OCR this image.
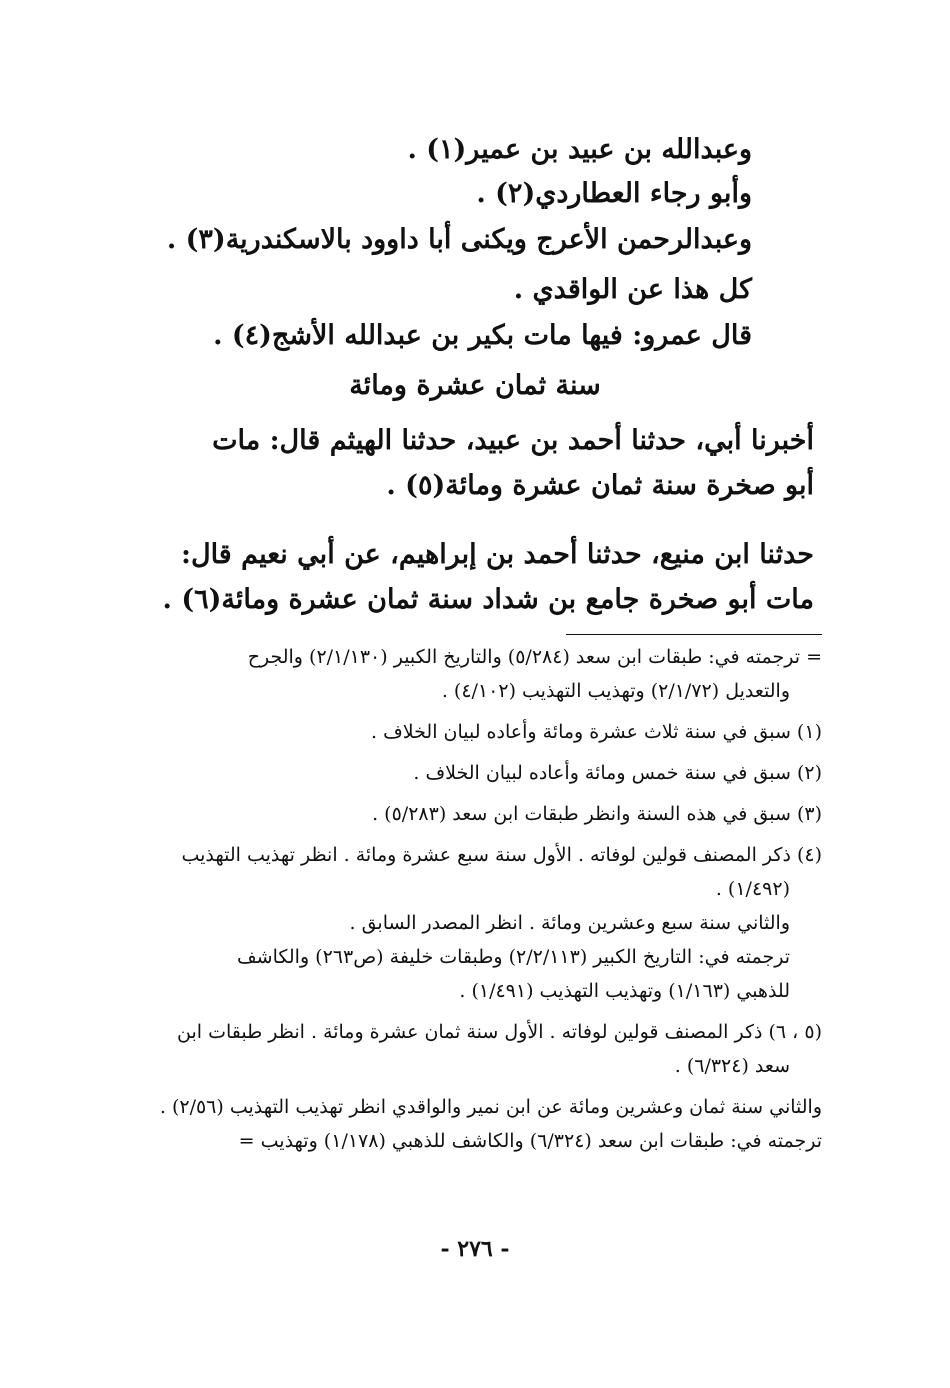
وعبدالله بن عبيد بن عمير(١) .
وأبو رجاء العطاردي(٢) .
وعبدالرحمن الأعرج ويكنى أبا داوود بالاسكندرية(٣) .
كل هذا عن الواقدي .
قال عمرو: فيها مات بكير بن عبدالله الأشج(٤) .
سنة ثمان عشرة ومائة

أخبرنا أبي، حدثنا أحمد بن عبيد، حدثنا الهيثم قال: مات

أبو صخرة سنة ثمان عشرة ومائة(٥) .

حدثنا ابن منيع، حدثنا أحمد بن إبراهيم، عن أبي نعيم قال:

مات أبو صخرة جامع بن شداد سنة ثمان عشرة ومائة(٦) .

= ترجمته في: طبقات ابن سعد (٥/٢٨٤) والتاريخ الكبير (٢/١/١٣٠) والجرح

والتعديل (٢/١/٧٢) وتهذيب التهذيب (٤/١٠٢) .

(١) سبق في سنة ثلاث عشرة ومائة وأعاده لبيان الخلاف .

(٢) سبق في سنة خمس ومائة وأعاده لبيان الخلاف .

(٣) سبق في هذه السنة وانظر طبقات ابن سعد (٥/٢٨٣) .

(٤) ذكر المصنف قولين لوفاته . الأول سنة سبع عشرة ومائة . انظر تهذيب التهذيب

(١/٤٩٢) .

والثاني سنة سبع وعشرين ومائة . انظر المصدر السابق .

ترجمته في: التاريخ الكبير (٢/٢/١١٣) وطبقات خليفة (ص٢٦٣) والكاشف

للذهبي (١/١٦٣) وتهذيب التهذيب (١/٤٩١) .

(٥ ، ٦) ذكر المصنف قولين لوفاته . الأول سنة ثمان عشرة ومائة . انظر طبقات ابن

سعد (٦/٣٢٤) .

والثاني سنة ثمان وعشرين ومائة عن ابن نمير والواقدي انظر تهذيب التهذيب (٢/٥٦) .

ترجمته في: طبقات ابن سعد (٦/٣٢٤) والكاشف للذهبي (١/١٧٨) وتهذيب =

- ٢٧٦ -
